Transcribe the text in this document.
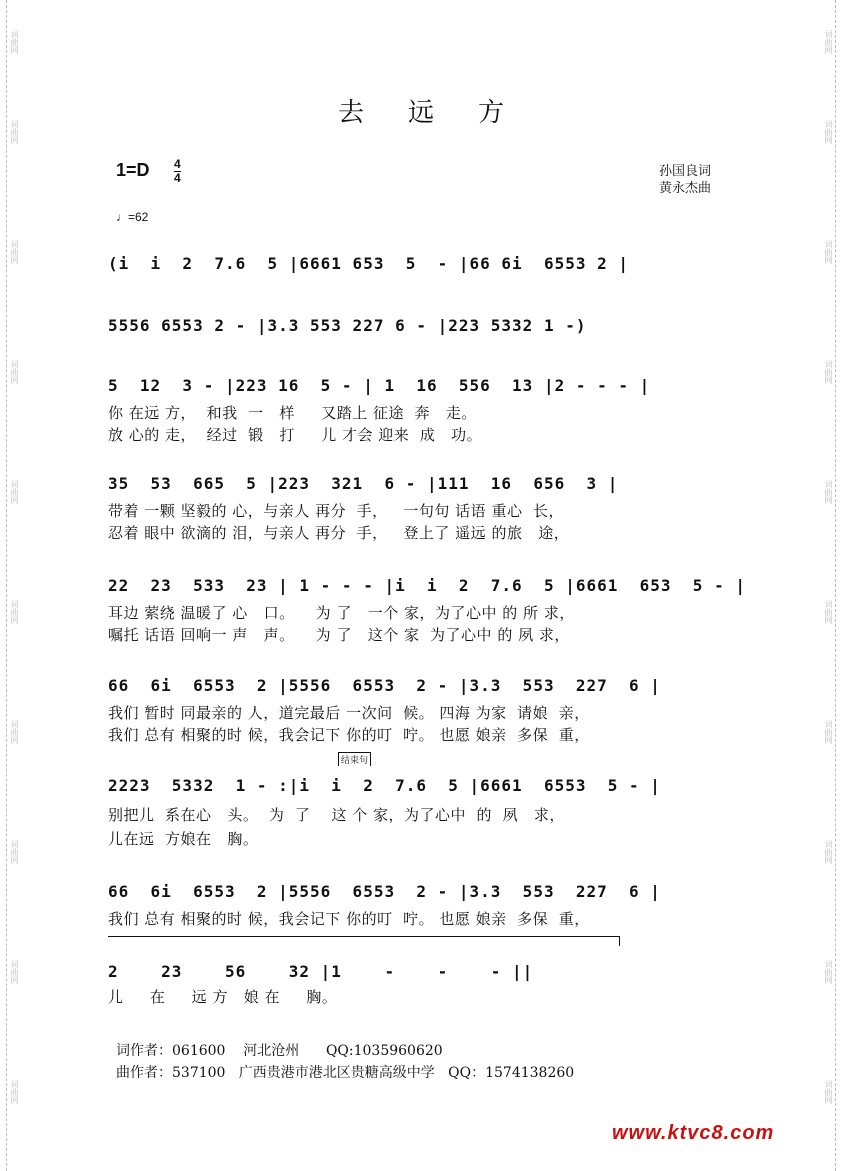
词曲网
词曲网
词曲网
词曲网
词曲网
词曲网
词曲网
词曲网
词曲网
词曲网
词曲网
词曲网
词曲网
词曲网
词曲网
词曲网
词曲网
词曲网
词曲网
词曲网
去远方
1=D 4
4
♩=62
孙国良词
黄永杰曲
(i  i  2  7.6  5 |6661 653  5  - |66 6i  6553 2 |
5556 6553 2 - |3.3 553 227 6 - |223 5332 1 -)
5  12  3 - |223 16  5 - | 1  16  556  13 |2 - - - |
你 在远 方，  和我  一   样     又踏上 征途  奔   走。
放 心的 走，  经过  锻   打     儿 才会 迎来  成   功。
35  53  665  5 |223  321  6 - |111  16  656  3 |
带着 一颗 坚毅的 心，与亲人 再分  手，   一句句 话语 重心  长，
忍着 眼中 欲滴的 泪，与亲人 再分  手，   登上了 遥远 的旅   途，
22  23  533  23 | 1 - - - |i  i  2  7.6  5 |6661  653  5 - |
耳边 萦绕 温暖了 心   口。    为 了   一个 家，为了心中 的 所 求，
嘱托 话语 回响一 声   声。    为 了   这个 家  为了心中 的 夙 求，
66  6i  6553  2 |5556  6553  2 - |3.3  553  227  6 |
我们 暂时 同最亲的 人，道完最后 一次问  候。 四海 为家  请娘  亲，
我们 总有 相聚的时 候，我会记下 你的叮  咛。 也愿 娘亲  多保  重，
结束句
2223  5332  1 - :|i  i  2  7.6  5 |6661  6553  5 - |
别把儿  系在心   头。  为  了    这 个 家，为了心中  的  夙   求，
儿在远  方娘在   胸。
66  6i  6553  2 |5556  6553  2 - |3.3  553  227  6 |
我们 总有 相聚的时 候，我会记下 你的叮  咛。 也愿 娘亲  多保  重，
2    23    56    32 |1    -    -    - ||
儿     在     远 方   娘 在     胸。
词作者：061600    河北沧州      QQ:1035960620
曲作者：537100   广西贵港市港北区贵糖高级中学   QQ：1574138260
www.ktvc8.com
